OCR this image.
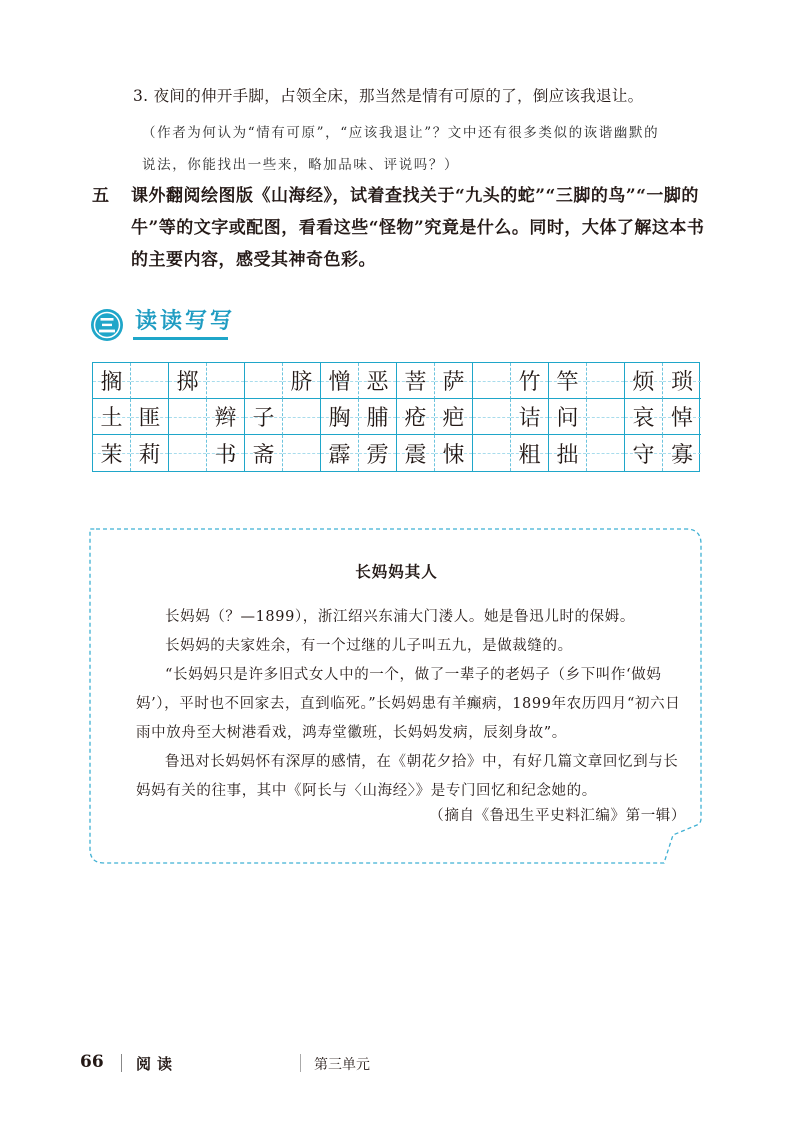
3. 夜间的伸开手脚，占领全床，那当然是情有可原的了，倒应该我退让。
（作者为何认为“情有可原”，“应该我退让”？文中还有很多类似的诙谐幽默的
说法，你能找出一些来，略加品味、评说吗？）
五 课外翻阅绘图版《山海经》，试着查找关于“九头的蛇”“三脚的鸟”“一脚的牛”等的文字或配图，看看这些“怪物”究竟是什么。同时，大体了解这本书的主要内容，感受其神奇色彩。
读读写写
搁 掷	脐 憎 恶 菩 萨 竹 竿 烦 琐
土 匪 辫 子 胸 脯 疮 疤 诘 问 哀 悼
茉 莉 书 斋 霹 雳 震 悚 粗 拙 守 寡
长妈妈其人

长妈妈（？—1899），浙江绍兴东浦大门溇人。她是鲁迅儿时的保姆。

长妈妈的夫家姓余，有一个过继的儿子叫五九，是做裁缝的。

“长妈妈只是许多旧式女人中的一个，做了一辈子的老妈子（乡下叫作‘做妈妈’），平时也不回家去，直到临死。”长妈妈患有羊癫病，1899年农历四月“初六日雨中放舟至大树港看戏，鸿寿堂徽班，长妈妈发病，辰刻身故”。

鲁迅对长妈妈怀有深厚的感情，在《朝花夕拾》中，有好几篇文章回忆到与长妈妈有关的往事，其中《阿长与〈山海经〉》是专门回忆和纪念她的。

（摘自《鲁迅生平史料汇编》第一辑）
66 阅读	第三单元
